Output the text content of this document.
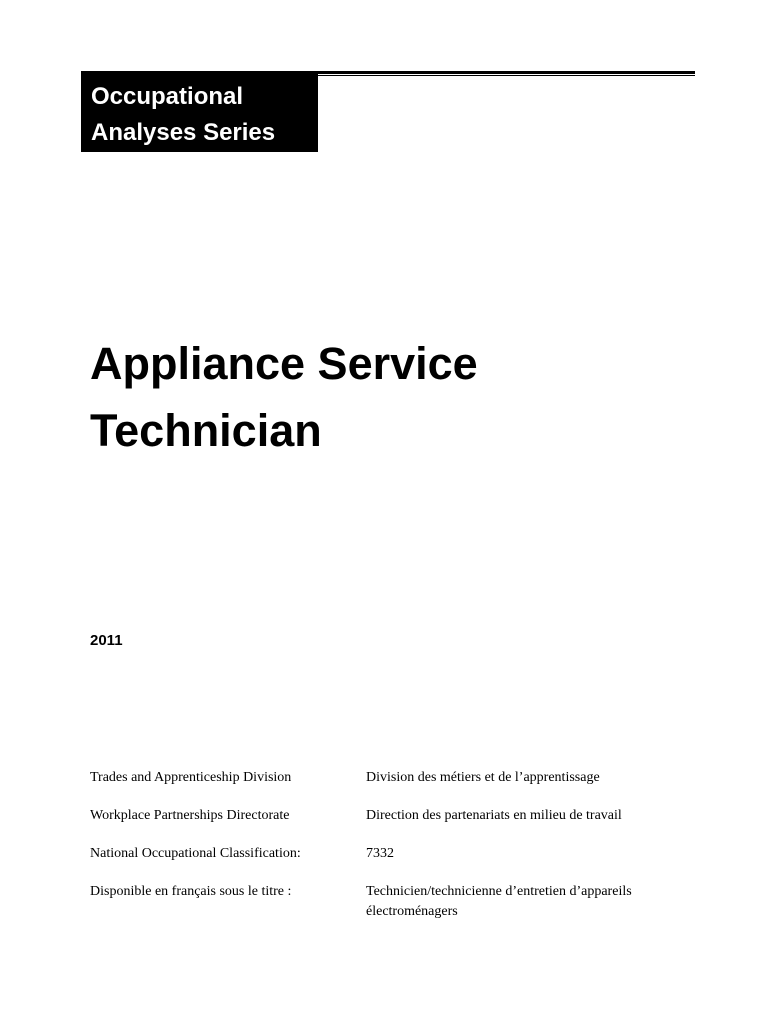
Occupational
Analyses Series
Appliance Service
Technician
2011
Trades and Apprenticeship Division	Division des métiers et de l’apprentissage
Workplace Partnerships Directorate	Direction des partenariats en milieu de travail
National Occupational Classification:	7332
Disponible en français sous le titre :	Technicien/technicienne d’entretien d’appareils électroménagers
